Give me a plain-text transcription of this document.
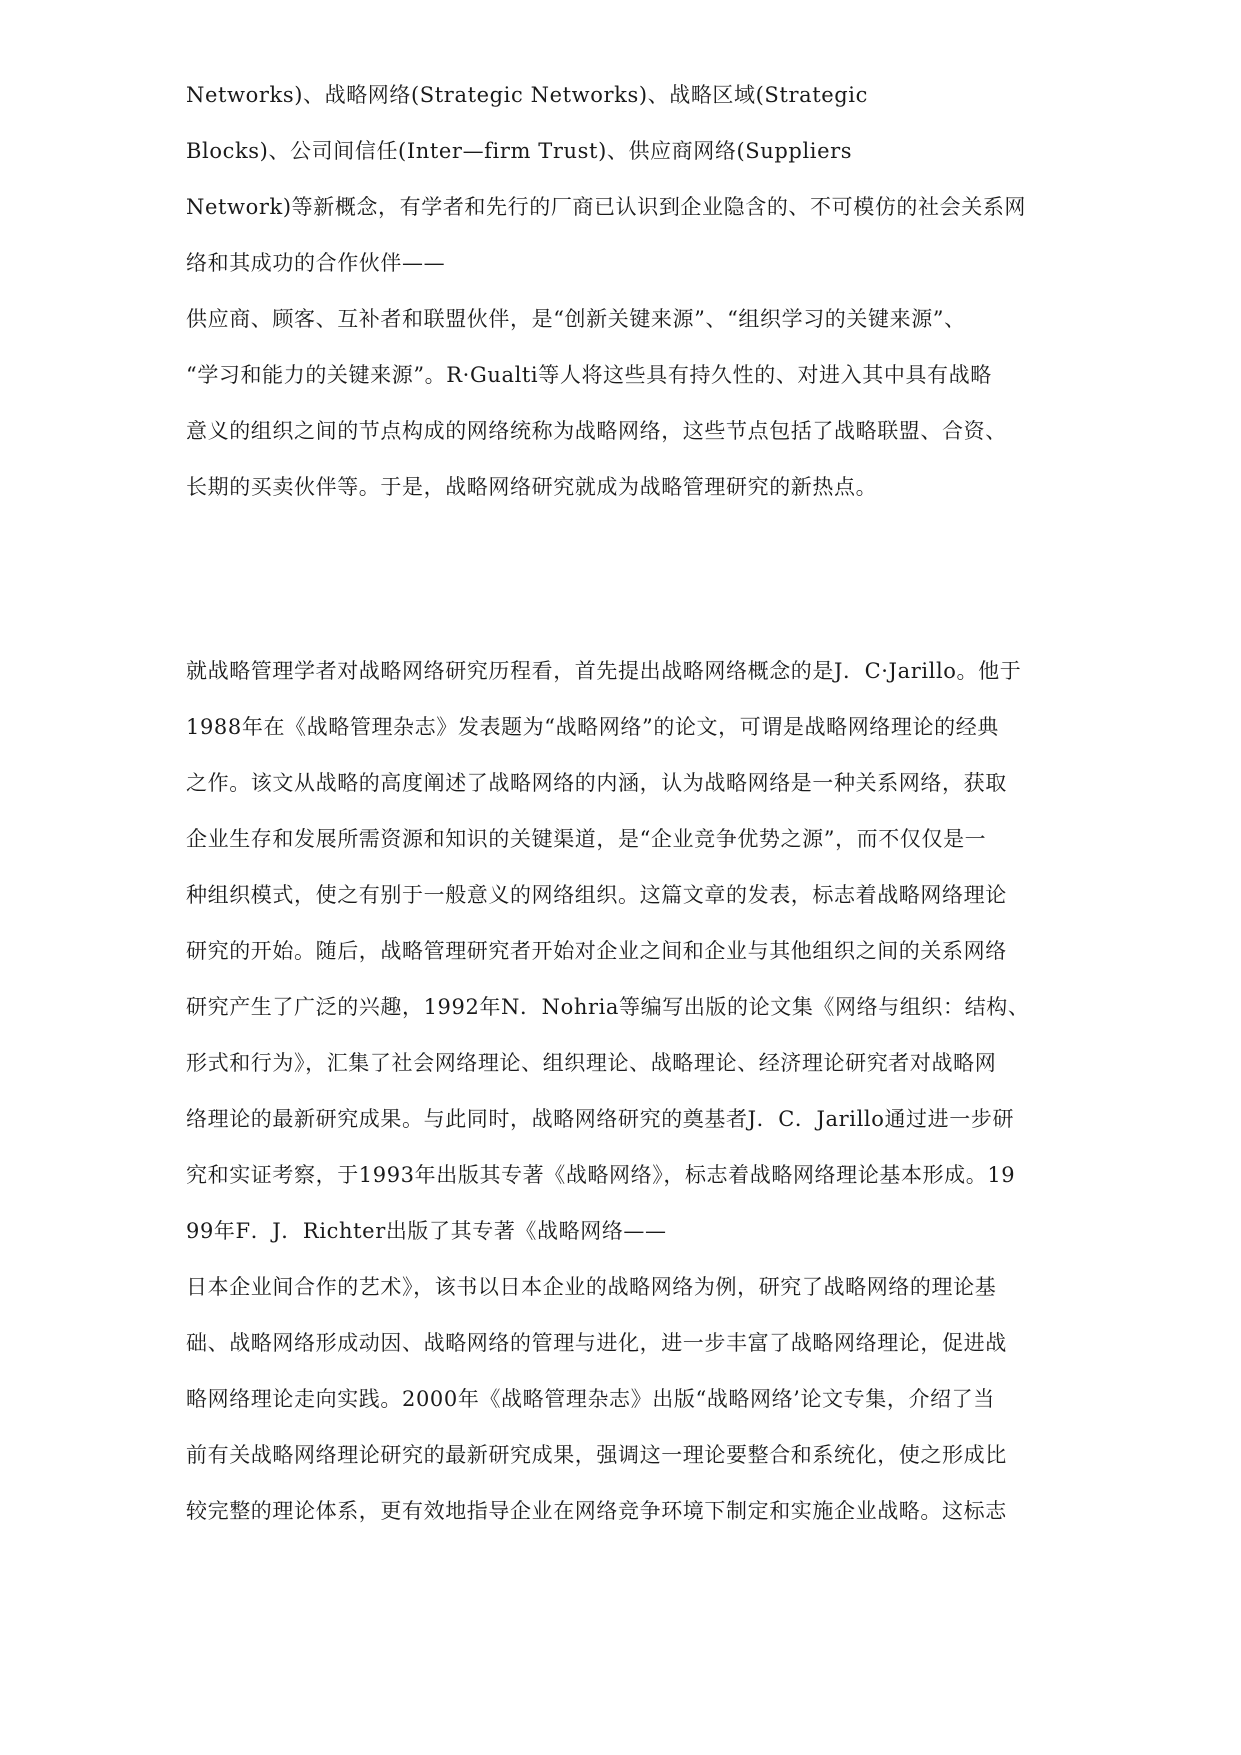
Networks)、战略网络(Strategic Networks)、战略区域(Strategic
Blocks)、公司间信任(Inter—firm Trust)、供应商网络(Suppliers
Network)等新概念，有学者和先行的厂商已认识到企业隐含的、不可模仿的社会关系网
络和其成功的合作伙伴——
供应商、顾客、互补者和联盟伙伴，是“创新关键来源”、“组织学习的关键来源”、
“学习和能力的关键来源”。R·Gualti等人将这些具有持久性的、对进入其中具有战略
意义的组织之间的节点构成的网络统称为战略网络，这些节点包括了战略联盟、合资、
长期的买卖伙伴等。于是，战略网络研究就成为战略管理研究的新热点。
就战略管理学者对战略网络研究历程看，首先提出战略网络概念的是J．C·Jarillo。他于
1988年在《战略管理杂志》发表题为“战略网络”的论文，可谓是战略网络理论的经典
之作。该文从战略的高度阐述了战略网络的内涵，认为战略网络是一种关系网络，获取
企业生存和发展所需资源和知识的关键渠道，是“企业竞争优势之源”，而不仅仅是一
种组织模式，使之有别于一般意义的网络组织。这篇文章的发表，标志着战略网络理论
研究的开始。随后，战略管理研究者开始对企业之间和企业与其他组织之间的关系网络
研究产生了广泛的兴趣，1992年N．Nohria等编写出版的论文集《网络与组织：结构、
形式和行为》，汇集了社会网络理论、组织理论、战略理论、经济理论研究者对战略网
络理论的最新研究成果。与此同时，战略网络研究的奠基者J．C．Jarillo通过进一步研
究和实证考察，于1993年出版其专著《战略网络》，标志着战略网络理论基本形成。19
99年F．J．Richter出版了其专著《战略网络——
日本企业间合作的艺术》，该书以日本企业的战略网络为例，研究了战略网络的理论基
础、战略网络形成动因、战略网络的管理与进化，进一步丰富了战略网络理论，促进战
略网络理论走向实践。2000年《战略管理杂志》出版“战略网络’论文专集，介绍了当
前有关战略网络理论研究的最新研究成果，强调这一理论要整合和系统化，使之形成比
较完整的理论体系，更有效地指导企业在网络竞争环境下制定和实施企业战略。这标志
